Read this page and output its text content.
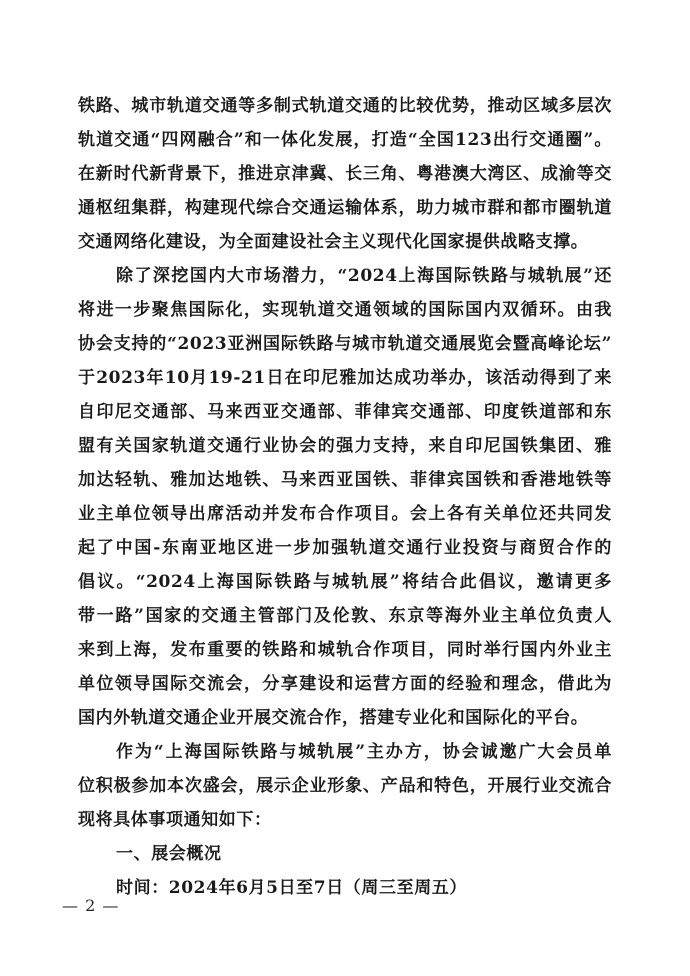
铁路、城市轨道交通等多制式轨道交通的比较优势，推动区域多层次
轨道交通“四网融合”和一体化发展，打造“全国123出行交通圈”。
在新时代新背景下，推进京津冀、长三角、粤港澳大湾区、成渝等交
通枢纽集群，构建现代综合交通运输体系，助力城市群和都市圈轨道
交通网络化建设，为全面建设社会主义现代化国家提供战略支撑。
除了深挖国内大市场潜力，“2024上海国际铁路与城轨展”还
将进一步聚焦国际化，实现轨道交通领域的国际国内双循环。由我
协会支持的“2023亚洲国际铁路与城市轨道交通展览会暨高峰论坛”
于2023年10月19-21日在印尼雅加达成功举办，该活动得到了来
自印尼交通部、马来西亚交通部、菲律宾交通部、印度铁道部和东
盟有关国家轨道交通行业协会的强力支持，来自印尼国铁集团、雅
加达轻轨、雅加达地铁、马来西亚国铁、菲律宾国铁和香港地铁等
业主单位领导出席活动并发布合作项目。会上各有关单位还共同发
起了中国-东南亚地区进一步加强轨道交通行业投资与商贸合作的
倡议。“2024上海国际铁路与城轨展”将结合此倡议，邀请更多
带一路”国家的交通主管部门及伦敦、东京等海外业主单位负责人
来到上海，发布重要的铁路和城轨合作项目，同时举行国内外业主
单位领导国际交流会，分享建设和运营方面的经验和理念，借此为
国内外轨道交通企业开展交流合作，搭建专业化和国际化的平台。
作为“上海国际铁路与城轨展”主办方，协会诚邀广大会员单
位积极参加本次盛会，展示企业形象、产品和特色，开展行业交流合
现将具体事项通知如下：
一、展会概况
时间：2024年6月5日至7日（周三至周五）
— 2 —
